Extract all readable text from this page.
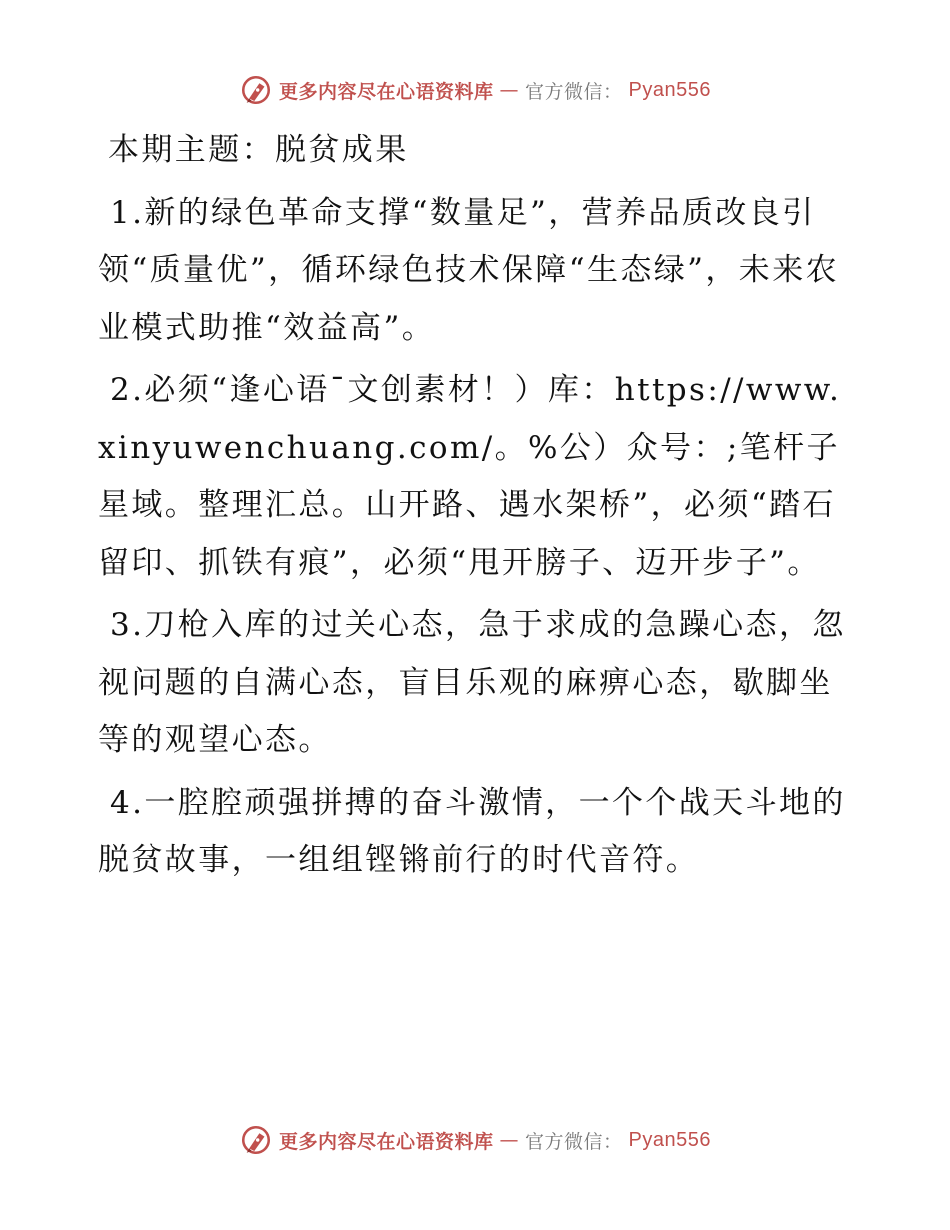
更多内容尽在心语资料库 — 官方微信： Pyan556
本期主题：脱贫成果

1.新的绿色革命支撑“数量足”，营养品质改良引领“质量优”，循环绿色技术保障“生态绿”，未来农业模式助推“效益高”。

2.必须“逢心语¯文创素材！）库：https://www.xinyuwenchuang.com/。%公）众号：;笔杆子星域。整理汇总。山开路、遇水架桥”，必须“踏石留印、抓铁有痕”，必须“甩开膀子、迈开步子”。

3.刀枪入库的过关心态，急于求成的急躁心态，忽视问题的自满心态，盲目乐观的麻痹心态，歇脚坐等的观望心态。

4.一腔腔顽强拼搏的奋斗激情，一个个战天斗地的脱贫故事，一组组铿锵前行的时代音符。

更多内容尽在心语资料库 — 官方微信： Pyan556
